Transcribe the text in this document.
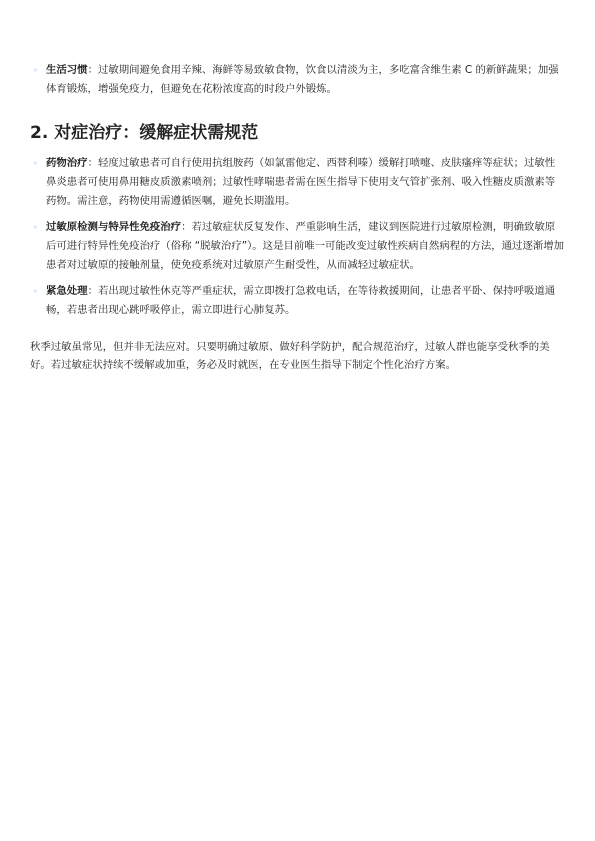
◦ 生活习惯：过敏期间避免食用辛辣、海鲜等易致敏食物，饮食以清淡为主，多吃富含维生素 C 的新鲜蔬果；加强体育锻炼，增强免疫力，但避免在花粉浓度高的时段户外锻炼。
2. 对症治疗：缓解症状需规范
◦ 药物治疗：轻度过敏患者可自行使用抗组胺药（如氯雷他定、西替利嗪）缓解打喷嚏、皮肤瘙痒等症状；过敏性鼻炎患者可使用鼻用糖皮质激素喷剂；过敏性哮喘患者需在医生指导下使用支气管扩张剂、吸入性糖皮质激素等药物。需注意，药物使用需遵循医嘱，避免长期滥用。
◦ 过敏原检测与特异性免疫治疗：若过敏症状反复发作、严重影响生活，建议到医院进行过敏原检测，明确致敏原后可进行特异性免疫治疗（俗称 “脱敏治疗”）。这是目前唯一可能改变过敏性疾病自然病程的方法，通过逐渐增加患者对过敏原的接触剂量，使免疫系统对过敏原产生耐受性，从而减轻过敏症状。
◦ 紧急处理：若出现过敏性休克等严重症状，需立即拨打急救电话，在等待救援期间，让患者平卧、保持呼吸道通畅，若患者出现心跳呼吸停止，需立即进行心肺复苏。

秋季过敏虽常见，但并非无法应对。只要明确过敏原、做好科学防护，配合规范治疗，过敏人群也能享受秋季的美好。若过敏症状持续不缓解或加重，务必及时就医，在专业医生指导下制定个性化治疗方案。
